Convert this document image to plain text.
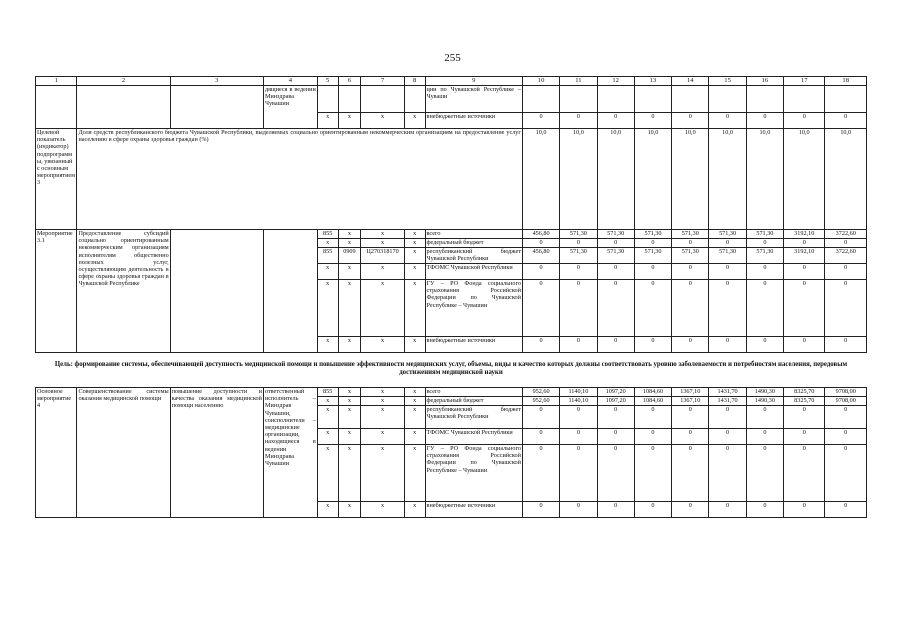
255
1	2	3	4	5	6	7	8	9	10	11	12	13	14	15	16	17	18
			дящиеся в ведении Минздрава Чувашии					ции по Чувашской Республике – Чуваши									
				x	x	x	x	внебюджетные источники	0	0	0	0	0	0	0	0	0
Целевой показатель (индикатор) подпрограммы, увязанный с основным мероприятием 3	Доля средств республиканского бюджета Чувашской Республики, выделяемых социально ориентированным некоммерческим организациям на предоставление услуг населению в сфере охраны здоровья граждан (%)								10,0	10,0	10,0	10,0	10,0	10,0	10,0	10,0	10,0
Мероприятие 3.1	Предоставление субсидий социально ориентированным некоммерческим организациям исполнителям общественно полезных услуг, осуществляющим деятельность в сфере охраны здоровья граждан в Чувашской Республике			855	x	x	x	всего	456,80	571,30	571,30	571,30	571,30	571,30	571,30	3192,10	3722,60
				x	x	x	x	федеральный бюджет	0	0	0	0	0	0	0	0	0
				855	0909	Ц270318170	x	республиканский бюджет Чувашской Республики	456,80	571,30	571,30	571,30	571,30	571,30	571,30	3192,10	3722,60
				x	x	x	x	ТФОМС Чувашской Республики	0	0	0	0	0	0	0	0	0
				x	x	x	x	ГУ – РО Фонда социального страхования Российской Федерации по Чувашской Республике – Чувашии	0	0	0	0	0	0	0	0	0
				x	x	x	x	внебюджетные источники	0	0	0	0	0	0	0	0	0
Цель: формирование системы, обеспечивающей доступность медицинской помощи и повышение эффективности медицинских услуг, объемы, виды и качество которых должны соответствовать уровню заболеваемости и потребностям населения, передовым достижениям медицинской науки																	
Основное мероприятие 4	Совершенствование системы оказания медицинской помощи	повышение доступности и качества оказания медицинской помощи населению	ответственный исполнитель – Минздрав Чувашии, соисполнители – медицинские организации, находящиеся в ведении Минздрава Чувашии	855	x	x	x	всего	952,60	1140,10	1097,20	1084,60	1367,10	1431,70	1490,30	8325,70	9708,00
				x	x	x	x	федеральный бюджет	952,60	1140,10	1097,20	1084,60	1367,10	1431,70	1490,30	8325,70	9708,00
				x	x	x	x	республиканский бюджет Чувашской Республики	0	0	0	0	0	0	0	0	0
				x	x	x	x	ТФОМС Чувашской Республики	0	0	0	0	0	0	0	0	0
				x	x	x	x	ГУ – РО Фонда социального страхования Российской Федерации по Чувашской Республике – Чувашии	0	0	0	0	0	0	0	0	0
				x	x	x	x	внебюджетные источники	0	0	0	0	0	0	0	0	0
